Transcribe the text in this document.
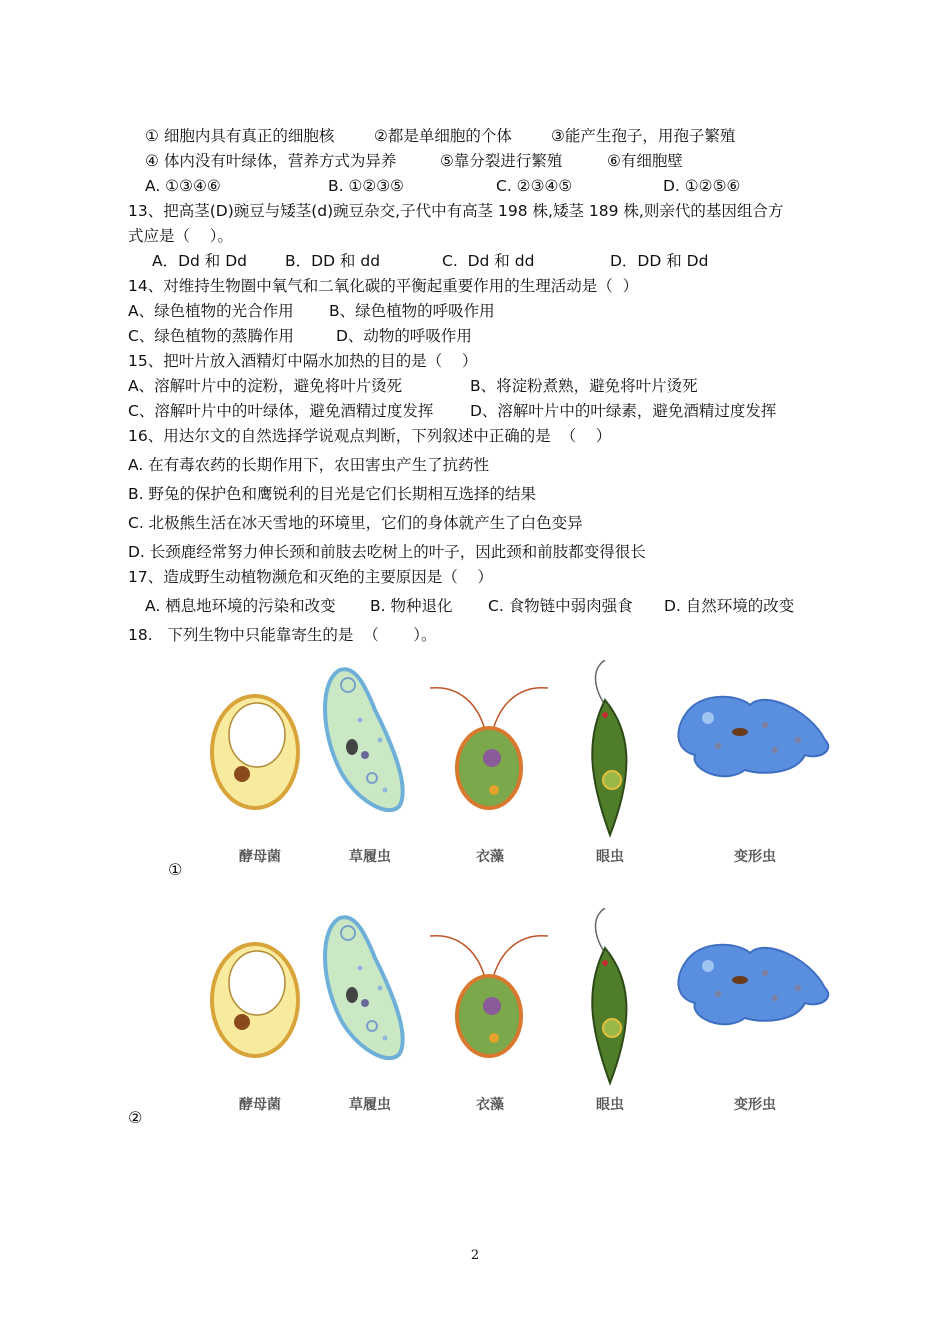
① 细胞内具有真正的细胞核	②都是单细胞的个体	③能产生孢子，用孢子繁殖
④ 体内没有叶绿体，营养方式为异养	⑤靠分裂进行繁殖	⑥有细胞壁
A. ①③④⑥	B. ①②③⑤	C. ②③④⑤	D. ①②⑤⑥
13、把高茎(D)豌豆与矮茎(d)豌豆杂交,子代中有高茎 198 株,矮茎 189 株,则亲代的基因组合方
式应是（    ）。
A．Dd 和 Dd	B．DD 和 dd	C.  Dd 和 dd	D．DD 和 Dd
14、对维持生物圈中氧气和二氧化碳的平衡起重要作用的生理活动是（  ）
A、绿色植物的光合作用	B、绿色植物的呼吸作用
C、绿色植物的蒸腾作用	D、动物的呼吸作用
15、把叶片放入酒精灯中隔水加热的目的是（    ）
A、溶解叶片中的淀粉，避免将叶片烫死	B、将淀粉煮熟，避免将叶片烫死
C、溶解叶片中的叶绿体，避免酒精过度发挥	D、溶解叶片中的叶绿素，避免酒精过度发挥
16、用达尔文的自然选择学说观点判断，下列叙述中正确的是  （    ）
A. 在有毒农药的长期作用下，农田害虫产生了抗药性
B. 野兔的保护色和鹰锐利的目光是它们长期相互选择的结果
C. 北极熊生活在冰天雪地的环境里，它们的身体就产生了白色变异
D. 长颈鹿经常努力伸长颈和前肢去吃树上的叶子，因此颈和前肢都变得很长
17、造成野生动植物濒危和灭绝的主要原因是（    ）
A. 栖息地环境的污染和改变	B. 物种退化	C. 食物链中弱肉强食	D. 自然环境的改变
18.   下列生物中只能靠寄生的是  （       ）。
酵母菌	草履虫	衣藻	眼虫	变形虫
①
酵母菌	草履虫	衣藻	眼虫	变形虫
②
2
